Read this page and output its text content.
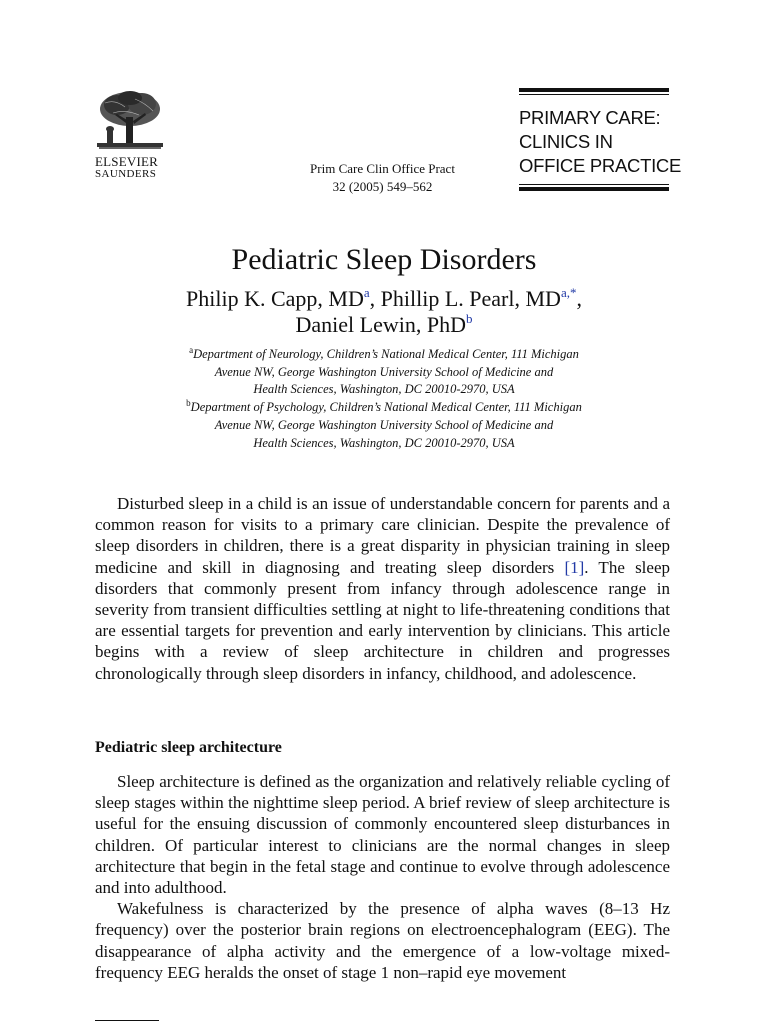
ELSEVIER
SAUNDERS	Prim Care Clin Office Pract
32 (2005) 549–562
PRIMARY CARE:
CLINICS IN
OFFICE PRACTICE
Pediatric Sleep Disorders
Philip K. Capp, $MD^a$, Phillip L. Pearl, $MD^{a,*}$,
Daniel Lewin, PhD$^b$
$^a$Department of Neurology, Children’s National Medical Center, 111 Michigan
Avenue NW, George Washington University School of Medicine and
Health Sciences, Washington, DC 20010-2970, USA
$^b$Department of Psychology, Children’s National Medical Center, 111 Michigan
Avenue NW, George Washington University School of Medicine and
Health Sciences, Washington, DC 20010-2970, USA

Disturbed sleep in a child is an issue of understandable concern for parents and a common reason for visits to a primary care clinician. Despite the prevalence of sleep disorders in children, there is a great disparity in physician training in sleep medicine and skill in diagnosing and treating sleep disorders [1]. The sleep disorders that commonly present from infancy through adolescence range in severity from transient difficulties settling at night to life-threatening conditions that are essential targets for prevention and early intervention by clinicians. This article begins with a review of sleep architecture in children and progresses chronologically through sleep disorders in infancy, childhood, and adolescence.

Pediatric sleep architecture

Sleep architecture is defined as the organization and relatively reliable cycling of sleep stages within the nighttime sleep period. A brief review of sleep architecture is useful for the ensuing discussion of commonly encountered sleep disturbances in children. Of particular interest to clinicians are the normal changes in sleep architecture that begin in the fetal stage and continue to evolve through adolescence and into adulthood.

Wakefulness is characterized by the presence of alpha waves (8–13 Hz frequency) over the posterior brain regions on electroencephalogram (EEG). The disappearance of alpha activity and the emergence of a low-voltage mixed-frequency EEG heralds the onset of stage 1 non–rapid eye movement
